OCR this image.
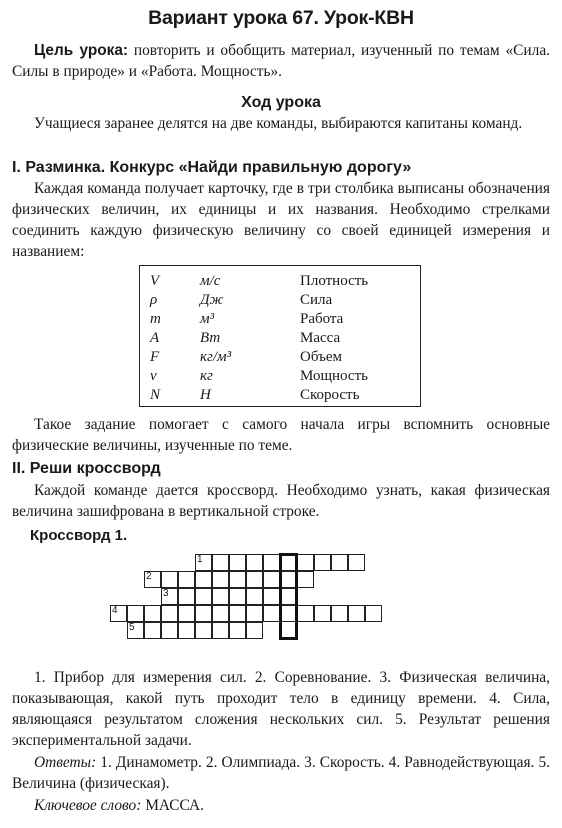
Вариант урока 67. Урок-КВН

Цель урока: повторить и обобщить материал, изученный по темам «Сила. Силы в природе» и «Работа. Мощность».

Ход урока

Учащиеся заранее делятся на две команды, выбираются капитаны команд.

I. Разминка. Конкурс «Найди правильную дорогу»

Каждая команда получает карточку, где в три столбика выписаны обозначения физических величин, их единицы и их названия. Необходимо стрелками соединить каждую физическую величину со своей единицей измерения и названием:

V	м/с	Плотность
ρ	Дж	Сила
m	м³	Работа
A	Вт	Масса
F	кг/м³	Объем
v	кг	Мощность
N	Н	Скорость

Такое задание помогает с самого начала игры вспомнить основные физические величины, изученные по теме.

II. Реши кроссворд

Каждой команде дается кроссворд. Необходимо узнать, какая физическая величина зашифрована в вертикальной строке.

Кроссворд 1.
1
2
3
4
5

1. Прибор для измерения сил. 2. Соревнование. 3. Физическая величина, показывающая, какой путь проходит тело в единицу времени. 4. Сила, являющаяся результатом сложения нескольких сил. 5. Результат решения экспериментальной задачи.

Ответы: 1. Динамометр. 2. Олимпиада. 3. Скорость. 4. Равнодействующая. 5. Величина (физическая).

Ключевое слово: МАССА.
